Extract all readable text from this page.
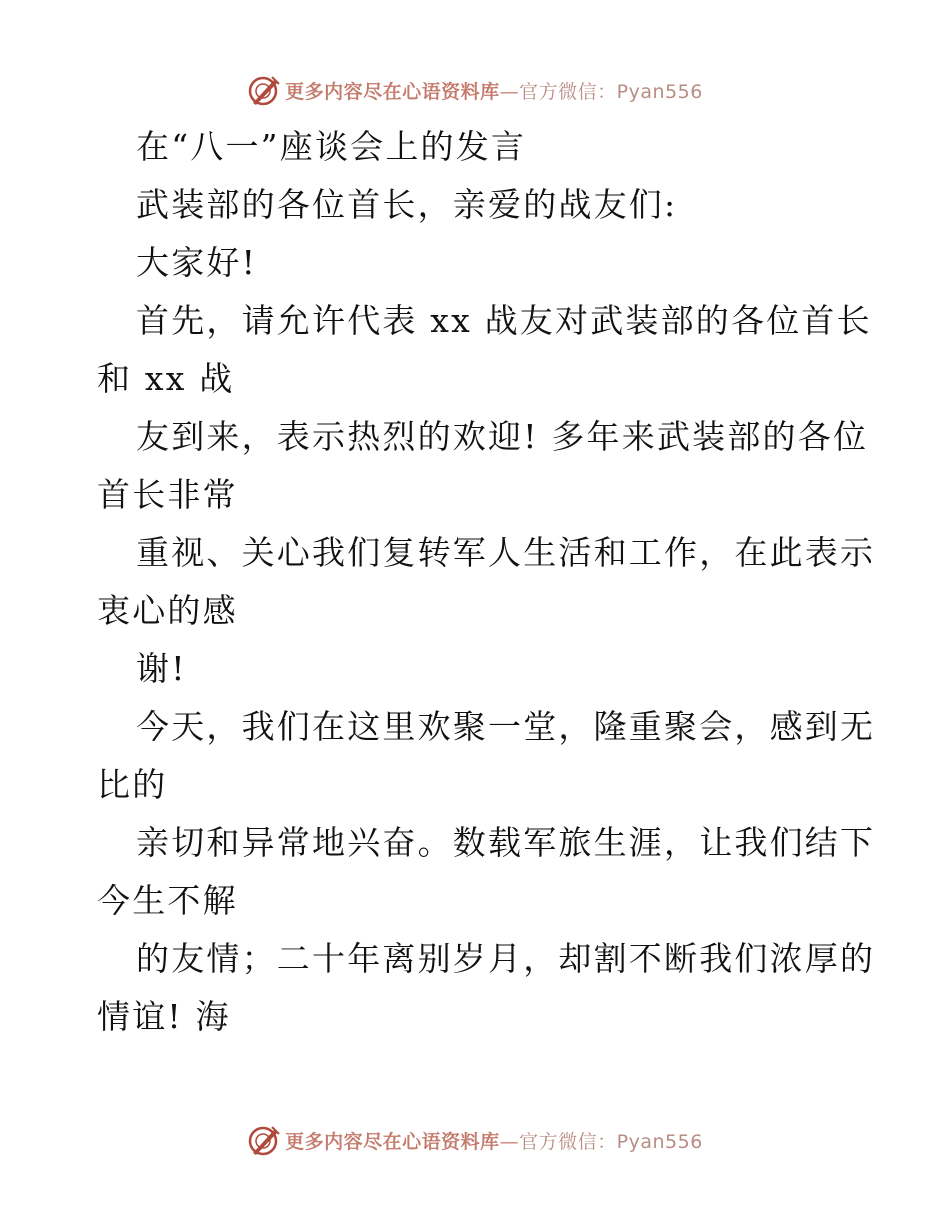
更多内容尽在心语资料库—官方微信：Pyan556
在“八一”座谈会上的发言
武装部的各位首长，亲爱的战友们:
大家好!
首先，请允许代表 xx 战友对武装部的各位首长
和 xx 战
友到来，表示热烈的欢迎! 多年来武装部的各位
首长非常
重视、关心我们复转军人生活和工作，在此表示
衷心的感
谢!
今天，我们在这里欢聚一堂，隆重聚会，感到无
比的
亲切和异常地兴奋。数载军旅生涯，让我们结下
今生不解
的友情；二十年离别岁月，却割不断我们浓厚的
情谊! 海
更多内容尽在心语资料库—官方微信：Pyan556
